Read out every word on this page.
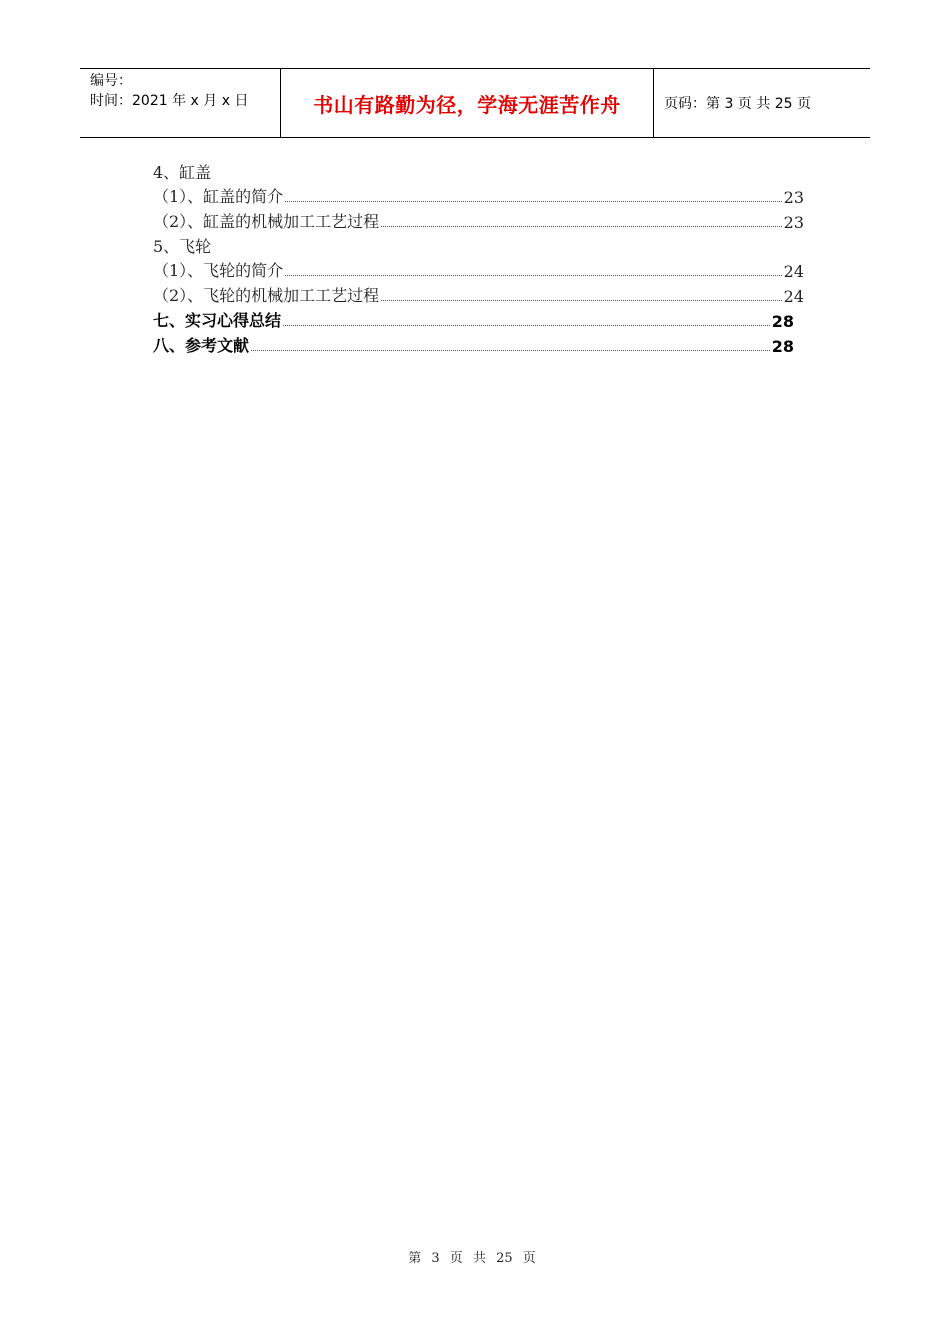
编号：
时间：2021 年 x 月 x 日	书山有路勤为径，学海无涯苦作舟	页码：第 3 页 共 25 页
4、缸盖
（1）、缸盖的简介	23
（2）、缸盖的机械加工工艺过程	23
5、飞轮
（1）、飞轮的简介	24
（2）、飞轮的机械加工工艺过程	24
七、实习心得总结	28
八、参考文献	28
第 3 页 共 25 页
